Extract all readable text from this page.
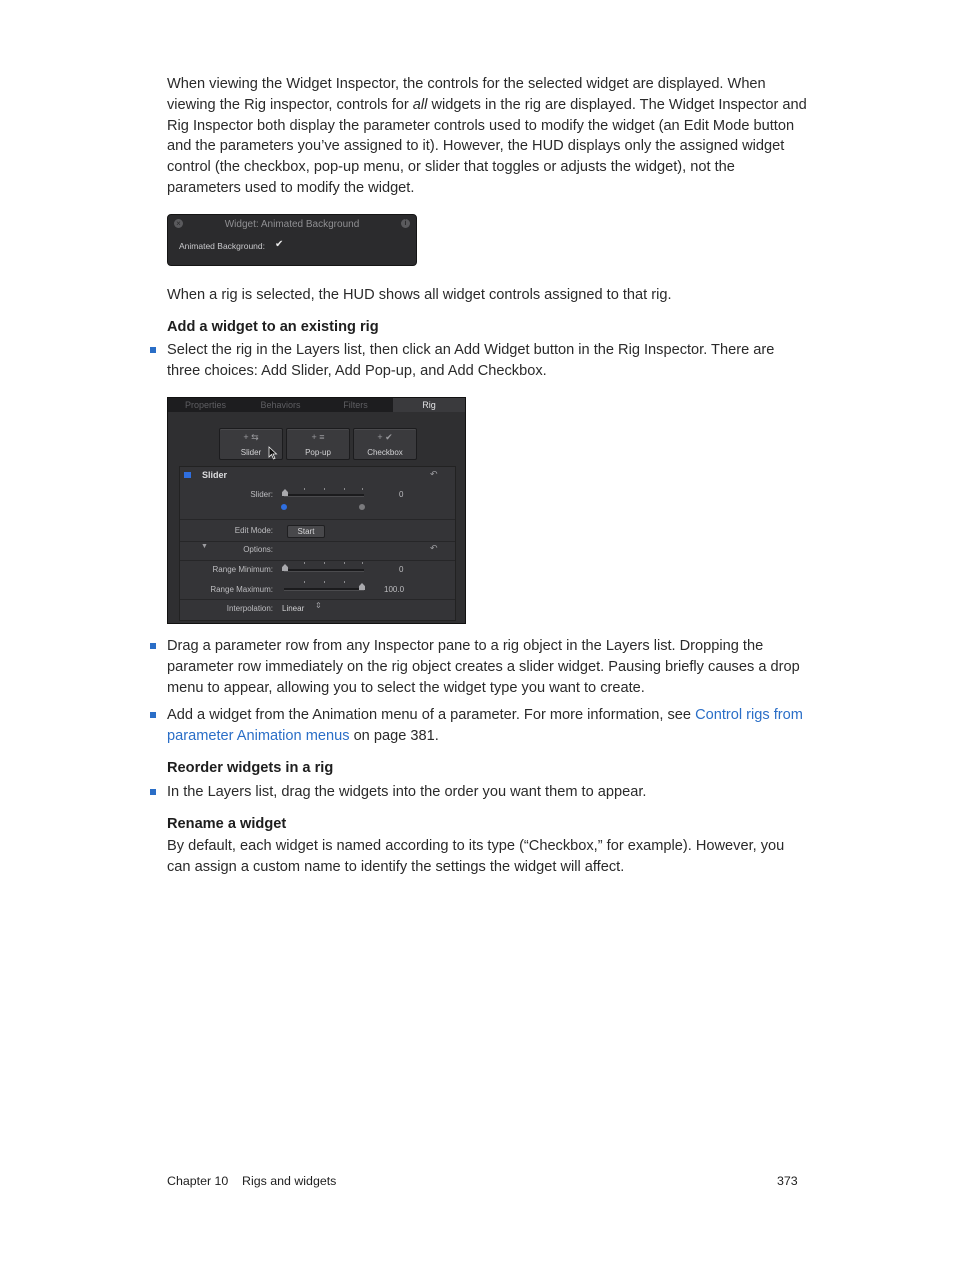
When viewing the Widget Inspector, the controls for the selected widget are displayed. When viewing the Rig inspector, controls for all widgets in the rig are displayed. The Widget Inspector and Rig Inspector both display the parameter controls used to modify the widget (an Edit Mode button and the parameters you’ve assigned to it). However, the HUD displays only the assigned widget control (the checkbox, pop-up menu, or slider that toggles or adjusts the widget), not the parameters used to modify the widget.
×	Widget: Animated Background	i
Animated Background: ✔
When a rig is selected, the HUD shows all widget controls assigned to that rig.
Add a widget to an existing rig
Select the rig in the Layers list, then click an Add Widget button in the Rig Inspector. There are three choices: Add Slider, Add Pop-up, and Add Checkbox.
Properties	Behaviors	Filters	Rig
+ ⇆
Slider
+ ≡
Pop-up
+ ✔
Checkbox
Slider	↶
Slider:	0
Edit Mode:	Start
▼	Options:	↶
Range Minimum:	0
Range Maximum:	100.0
Interpolation: Linear ⇕
Drag a parameter row from any Inspector pane to a rig object in the Layers list. Dropping the parameter row immediately on the rig object creates a slider widget. Pausing briefly causes a drop menu to appear, allowing you to select the widget type you want to create.
Add a widget from the Animation menu of a parameter. For more information, see Control rigs from parameter Animation menus on page 381.
Reorder widgets in a rig
In the Layers list, drag the widgets into the order you want them to appear.
Rename a widget
By default, each widget is named according to its type (“Checkbox,” for example). However, you can assign a custom name to identify the settings the widget will affect.
Chapter 10 Rigs and widgets	373
